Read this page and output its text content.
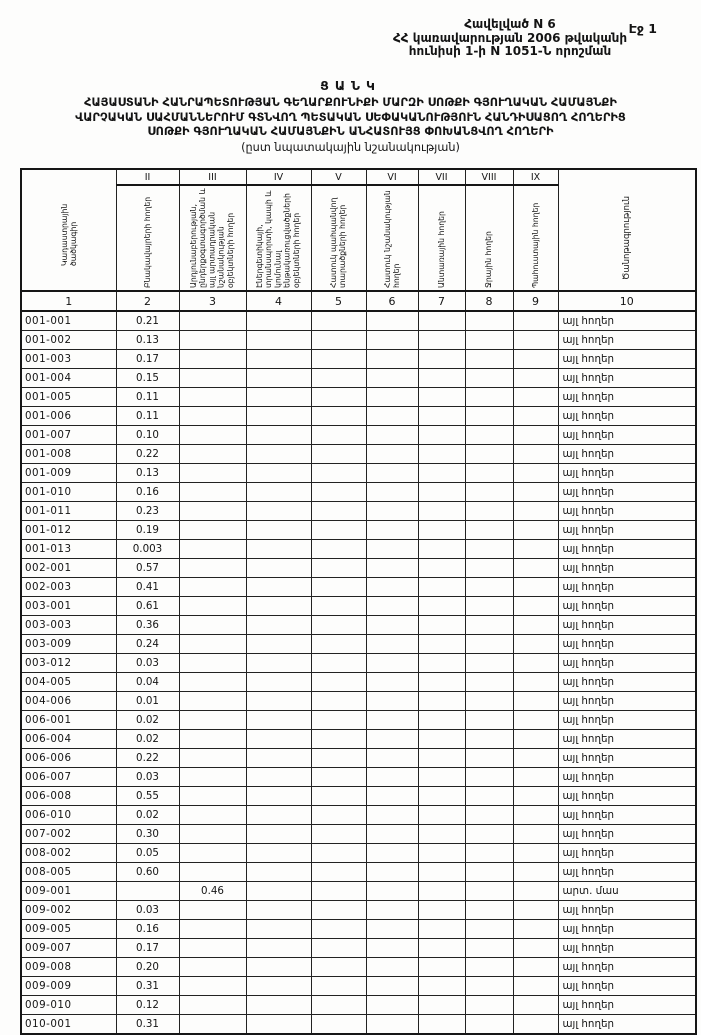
Էջ 1
Հավելված N 6
ՀՀ կառավարության 2006 թվականի
հունիսի 1-ի N 1051-Ն որոշման
ՑԱՆԿ
ՀԱՅԱՍՏԱՆԻ ՀԱՆՐԱՊԵՏՈՒԹՅԱՆ ԳԵՂԱՐՔՈՒՆԻՔԻ ՄԱՐԶԻ ՍՈԹՔԻ ԳՅՈՒՂԱԿԱՆ ՀԱՄԱՅՆՔԻ
ՎԱՐՉԱԿԱՆ ՍԱՀՄԱՆՆԵՐՈՒՄ ԳՏՆՎՈՂ ՊԵՏԱԿԱՆ ՍԵՓԱԿԱՆՈՒԹՅՈՒՆ ՀԱՆԴԻՍԱՑՈՂ ՀՈՂԵՐԻՑ
ՍՈԹՔԻ ԳՅՈՒՂԱԿԱՆ ՀԱՄԱՅՆՔԻՆ ԱՆՀԱՏՈՒՅՑ ՓՈԽԱՆՑՎՈՂ ՀՈՂԵՐԻ
(ըստ նպատակային նշանակության)
Կադաստրային ծածկագիր	II	III	IV	V	VI	VII	VIII	IX	Ծանոթագրություն

	Բնակավայրերի հողեր	Արդյունաբերության, ընդերքօգտագործման և այլ արտադրական նշանակության օբյեկտների հողեր	Էներգետիկայի, տրանսպորտի, կապի և կոմունալ ենթակառուցվածքների օբյեկտների հողեր	Հատուկ պահպանվող տարածքների հողեր	Հատուկ նշանակության հողեր	Անտառային հողեր	Ջրային հողեր	Պահուստային հողեր	

1	2	3	4	5	6	7	8	9	10
001-001	0.21								այլ հողեր
001-002	0.13								այլ հողեր
001-003	0.17								այլ հողեր
001-004	0.15								այլ հողեր
001-005	0.11								այլ հողեր
001-006	0.11								այլ հողեր
001-007	0.10								այլ հողեր
001-008	0.22								այլ հողեր
001-009	0.13								այլ հողեր
001-010	0.16								այլ հողեր
001-011	0.23								այլ հողեր
001-012	0.19								այլ հողեր
001-013	0.003								այլ հողեր
002-001	0.57								այլ հողեր
002-003	0.41								այլ հողեր
003-001	0.61								այլ հողեր
003-003	0.36								այլ հողեր
003-009	0.24								այլ հողեր
003-012	0.03								այլ հողեր
004-005	0.04								այլ հողեր
004-006	0.01								այլ հողեր
006-001	0.02								այլ հողեր
006-004	0.02								այլ հողեր
006-006	0.22								այլ հողեր
006-007	0.03								այլ հողեր
006-008	0.55								այլ հողեր
006-010	0.02								այլ հողեր
007-002	0.30								այլ հողեր
008-002	0.05								այլ հողեր
008-005	0.60								այլ հողեր
009-001		0.46							արտ. մաս
009-002	0.03								այլ հողեր
009-005	0.16								այլ հողեր
009-007	0.17								այլ հողեր
009-008	0.20								այլ հողեր
009-009	0.31								այլ հողեր
009-010	0.12								այլ հողեր
010-001	0.31								այլ հողեր
